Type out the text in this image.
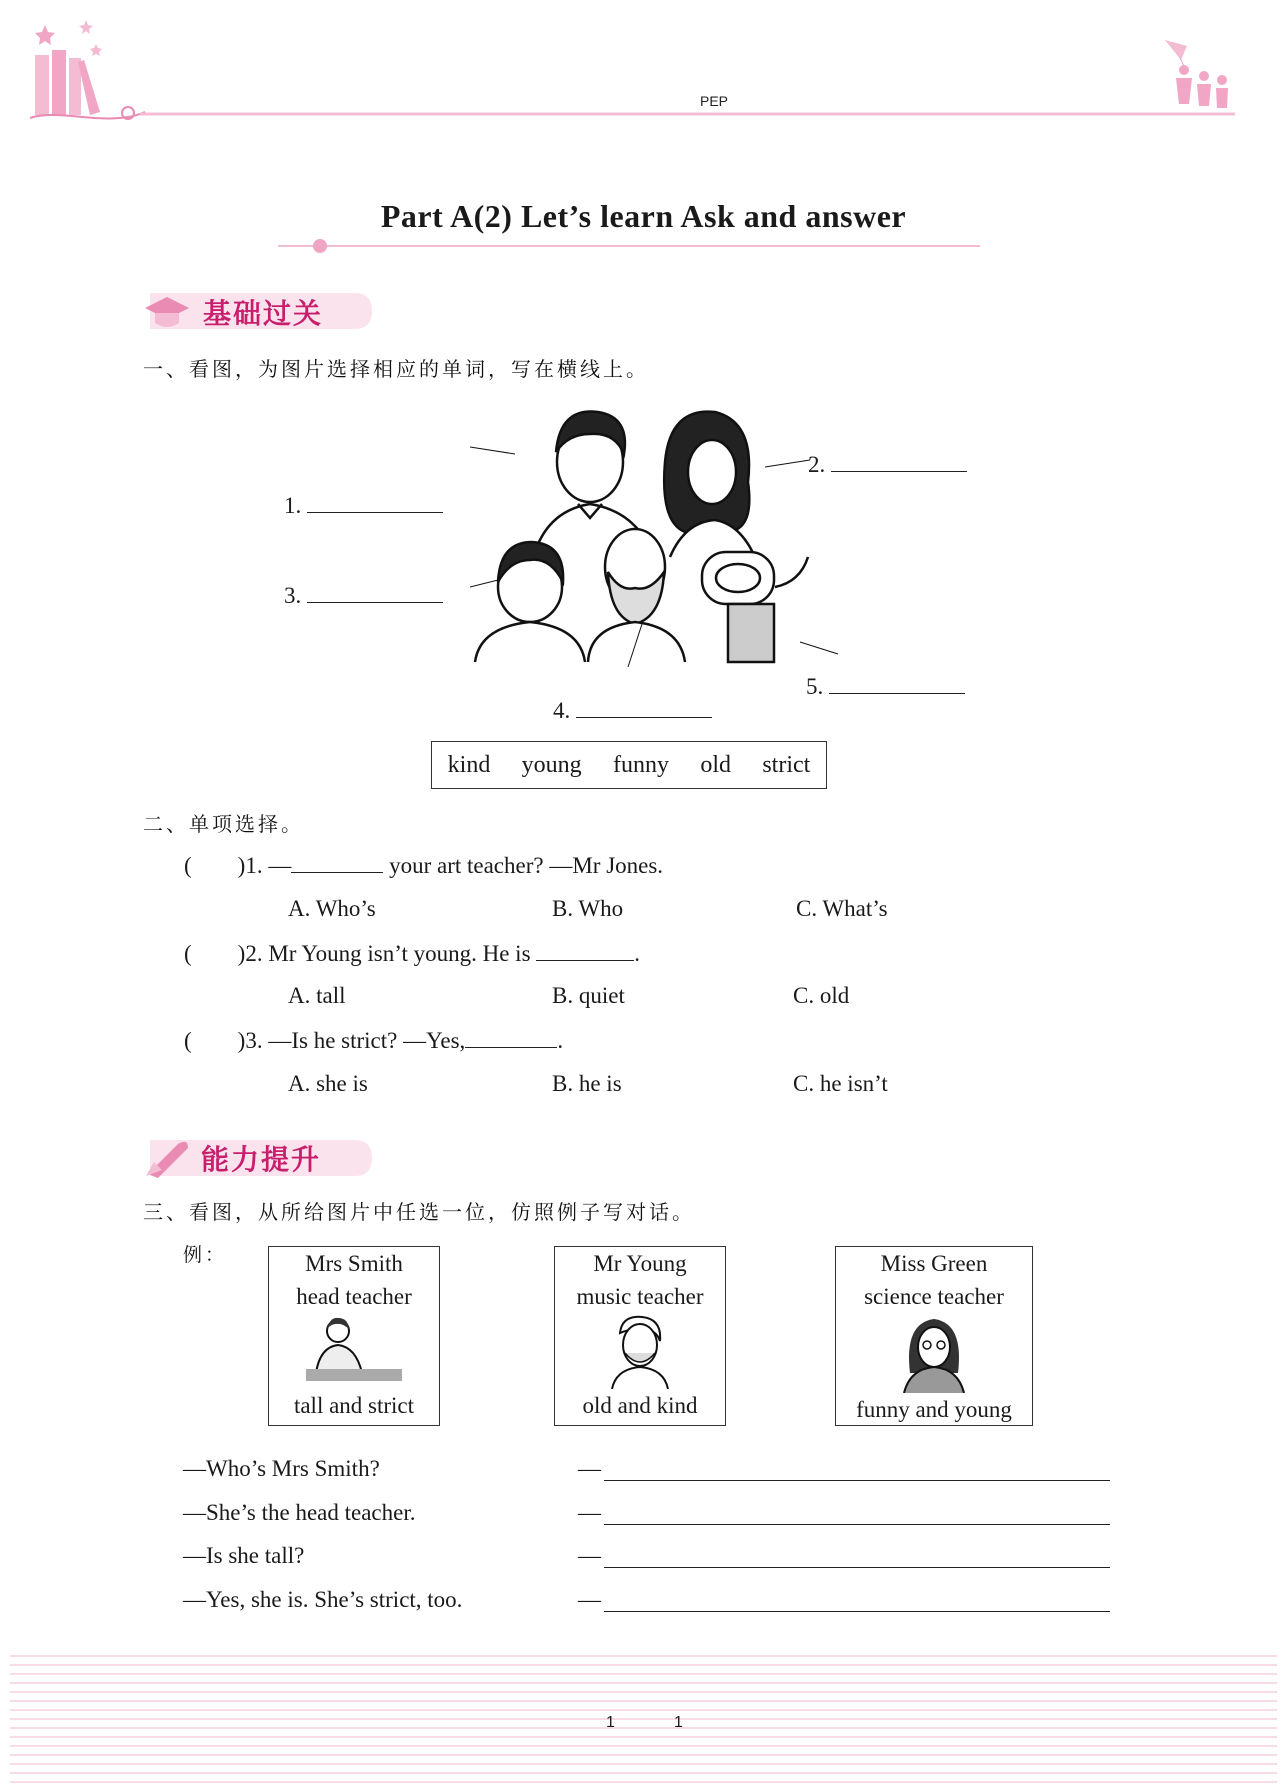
PEP
Part A(2) Let’s learn Ask and answer
基础过关
一、看图，为图片选择相应的单词，写在横线上。
1.
2.
3.
4.
5.
kind young funny old strict
二、单项选择。
(        )1. —	your art teacher? —Mr Jones.
A. Who’s	B. Who	C. What’s
(        )2. Mr Young isn’t young. He is	.
A. tall	B. quiet	C. old
(        )3. —Is he strict? —Yes,	.
A. she is	B. he is	C. he isn’t
能力提升
三、看图，从所给图片中任选一位，仿照例子写对话。
例：	Mrs Smith
head teacher
tall and strict
Mr Young
music teacher
old and kind
Miss Green
science teacher
funny and young
—Who’s Mrs Smith?
—She’s the head teacher.
—Is she tall?
—Yes, she is. She’s strict, too.
—
—
—
—
1	1
